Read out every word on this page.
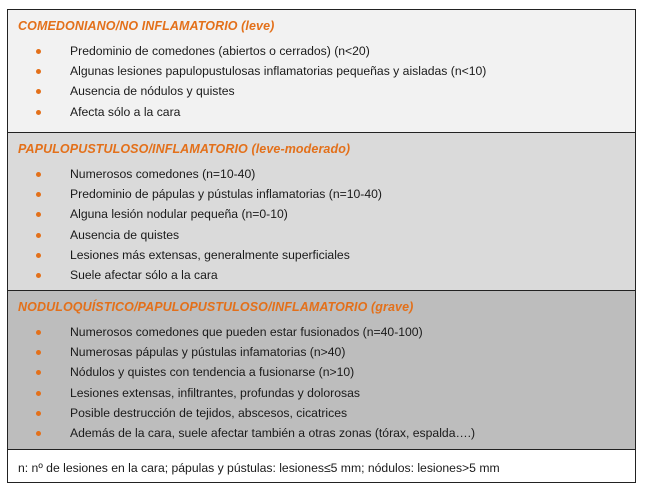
COMEDONIANO/NO INFLAMATORIO (leve)
Predominio de comedones (abiertos o cerrados) (n<20)
Algunas lesiones papulopustulosas inflamatorias pequeñas y aisladas (n<10)
Ausencia de nódulos y quistes
Afecta sólo a la cara
PAPULOPUSTULOSO/INFLAMATORIO (leve-moderado)
Numerosos comedones (n=10-40)
Predominio de pápulas y pústulas inflamatorias (n=10-40)
Alguna lesión nodular pequeña (n=0-10)
Ausencia de quistes
Lesiones más extensas, generalmente superficiales
Suele afectar sólo a la cara
NODULOQUÍSTICO/PAPULOPUSTULOSO/INFLAMATORIO (grave)
Numerosos comedones que pueden estar fusionados (n=40-100)
Numerosas pápulas y pústulas infamatorias (n>40)
Nódulos y quistes con tendencia a fusionarse (n>10)
Lesiones extensas, infiltrantes, profundas y dolorosas
Posible destrucción de tejidos, abscesos, cicatrices
Además de la cara, suele afectar también a otras zonas (tórax, espalda….)
n: nº de lesiones en la cara; pápulas y pústulas: lesiones≤5 mm; nódulos: lesiones>5 mm
